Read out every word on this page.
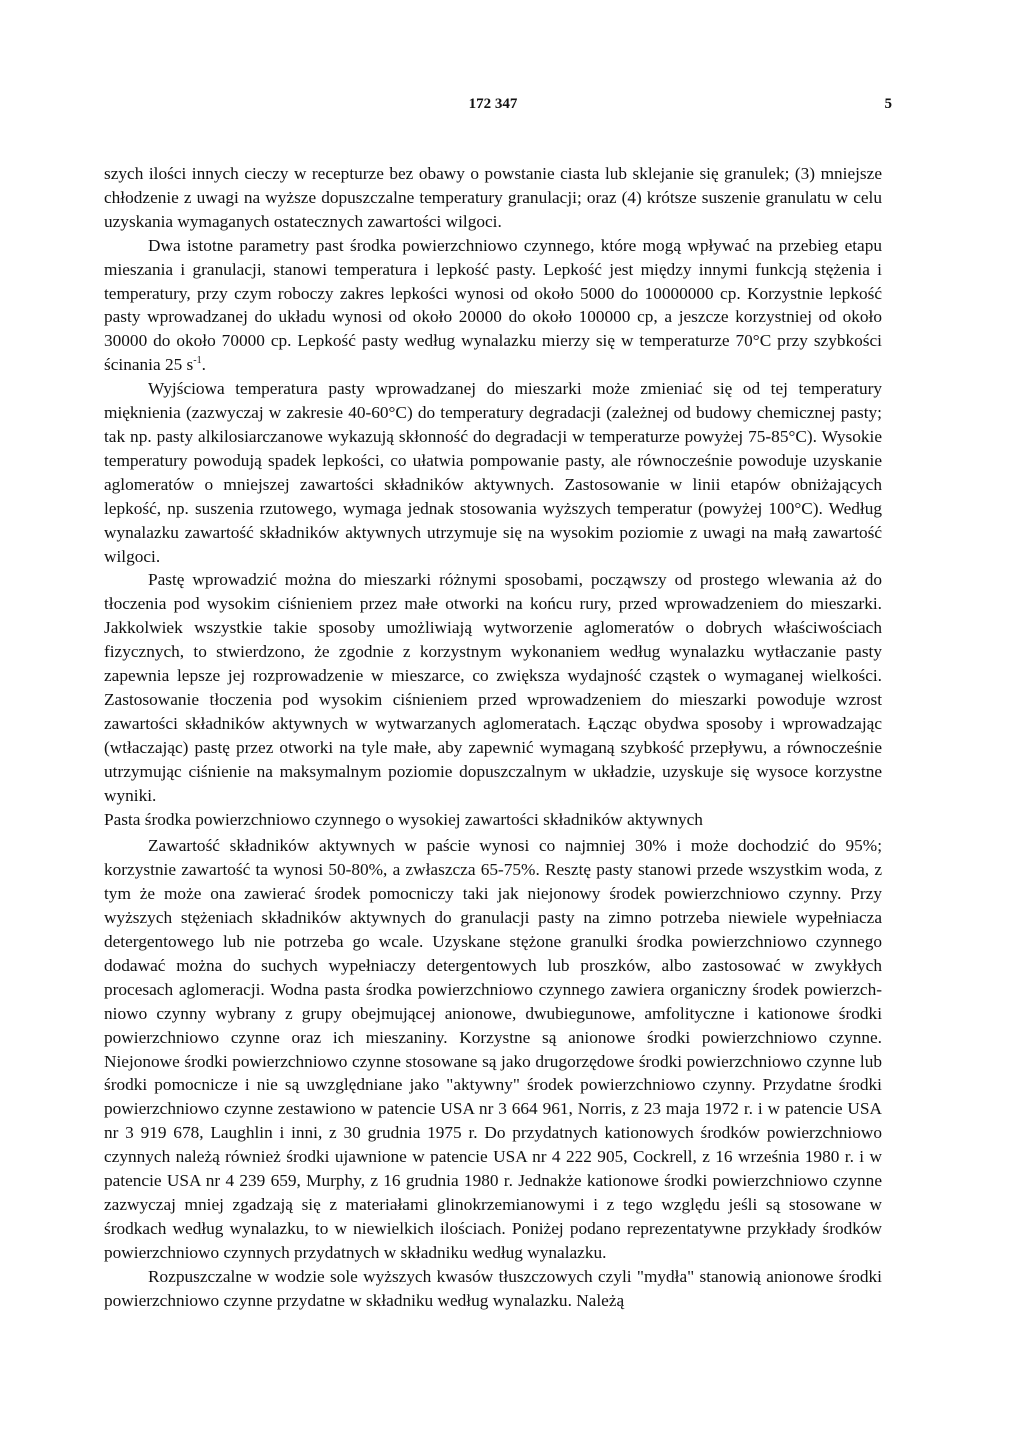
172 347	5

szych ilości innych cieczy w recepturze bez obawy o powstanie ciasta lub sklejanie się granulek; (3) mniejsze chłodzenie z uwagi na wyższe dopuszczalne temperatury granulacji; oraz (4) krótsze suszenie granulatu w celu uzyskania wymaganych ostatecznych zawartości wilgoci.

Dwa istotne parametry past środka powierzchniowo czynnego, które mogą wpływać na przebieg etapu mieszania i granulacji, stanowi temperatura i lepkość pasty. Lepkość jest między innymi funkcją stężenia i temperatury, przy czym roboczy zakres lepkości wynosi od około 5000 do 10000000 cp. Korzystnie lepkość pasty wprowadzanej do układu wynosi od około 20000 do około 100000 cp, a jeszcze korzystniej od około 30000 do około 70000 cp. Lepkość pasty według wynalazku mierzy się w temperaturze 70°C przy szybkości ścinania 25 $s^{-1}$.

Wyjściowa temperatura pasty wprowadzanej do mieszarki może zmieniać się od tej temperatury mięknienia (zazwyczaj w zakresie 40-60°C) do temperatury degradacji (zależnej od budowy chemicznej pasty; tak np. pasty alkilosiarczanowe wykazują skłonność do degradacji w temperaturze powyżej 75-85°C). Wysokie temperatury powodują spadek lepkości, co ułatwia pompowanie pasty, ale równocześnie powoduje uzyskanie aglomeratów o mniejszej zawartości składników aktywnych. Zastosowanie w linii etapów obniżających lepkość, np. suszenia rzutowego, wymaga jednak stosowania wyższych temperatur (powyżej 100°C). Według wynalazku zawartość składników aktywnych utrzymuje się na wysokim poziomie z uwagi na małą zawartość wilgoci.

Pastę wprowadzić można do mieszarki różnymi sposobami, począwszy od prostego wlewania aż do tłoczenia pod wysokim ciśnieniem przez małe otworki na końcu rury, przed wprowadzeniem do mieszarki. Jakkolwiek wszystkie takie sposoby umożliwiają wytworzenie aglomeratów o dobrych właściwościach fizycznych, to stwierdzono, że zgodnie z korzystnym wykonaniem według wynalazku wytłaczanie pasty zapewnia lepsze jej rozprowadzenie w mieszarce, co zwiększa wydajność cząstek o wymaganej wielkości. Zastosowanie tłoczenia pod wysokim ciśnieniem przed wprowadzeniem do mieszarki powoduje wzrost zawartości składników aktywnych w wytwarzanych aglomeratach. Łącząc obydwa sposoby i wprowadzając (wtłaczając) pastę przez otworki na tyle małe, aby zapewnić wymaganą szybkość przepływu, a równocześnie utrzymując ciśnienie na maksymalnym poziomie dopuszczalnym w układzie, uzyskuje się wysoce korzystne wyniki.

Pasta środka powierzchniowo czynnego o wysokiej zawartości składników aktywnych

Zawartość składników aktywnych w paście wynosi co najmniej 30% i może dochodzić do 95%; korzystnie zawartość ta wynosi 50-80%, a zwłaszcza 65-75%. Resztę pasty stanowi przede wszystkim woda, z tym że może ona zawierać środek pomocniczy taki jak niejonowy środek powierzchniowo czynny. Przy wyższych stężeniach składników aktywnych do granulacji pasty na zimno potrzeba niewiele wypełniacza detergentowego lub nie potrzeba go wcale. Uzyskane stężone granulki środka powierzchniowo czynnego dodawać można do suchych wypełniaczy detergentowych lub proszków, albo zastosować w zwykłych procesach aglomeracji. Wodna pasta środka powierzchniowo czynnego zawiera organiczny środek powierzchniowo czynny wybrany z grupy obejmującej anionowe, dwubiegunowe, amfolityczne i kationowe środki powierzchniowo czynne oraz ich mieszaniny. Korzystne są anionowe środki powierzchniowo czynne. Niejonowe środki powierzchniowo czynne stosowane są jako drugorzędowe środki powierzchniowo czynne lub środki pomocnicze i nie są uwzględniane jako "aktywny" środek powierzchniowo czynny. Przydatne środki powierzchniowo czynne zestawiono w patencie USA nr 3 664 961, Norris, z 23 maja 1972 r. i w patencie USA nr 3 919 678, Laughlin i inni, z 30 grudnia 1975 r. Do przydatnych kationowych środków powierzchniowo czynnych należą również środki ujawnione w patencie USA nr 4 222 905, Cockrell, z 16 września 1980 r. i w patencie USA nr 4 239 659, Murphy, z 16 grudnia 1980 r. Jednakże kationowe środki powierzchniowo czynne zazwyczaj mniej zgadzają się z materiałami glinokrzemianowymi i z tego względu jeśli są stosowane w środkach według wynalazku, to w niewielkich ilościach. Poniżej podano reprezentatywne przykłady środków powierzchniowo czynnych przydatnych w składniku według wynalazku.

Rozpuszczalne w wodzie sole wyższych kwasów tłuszczowych czyli "mydła" stanowią anionowe środki powierzchniowo czynne przydatne w składniku według wynalazku. Należą
